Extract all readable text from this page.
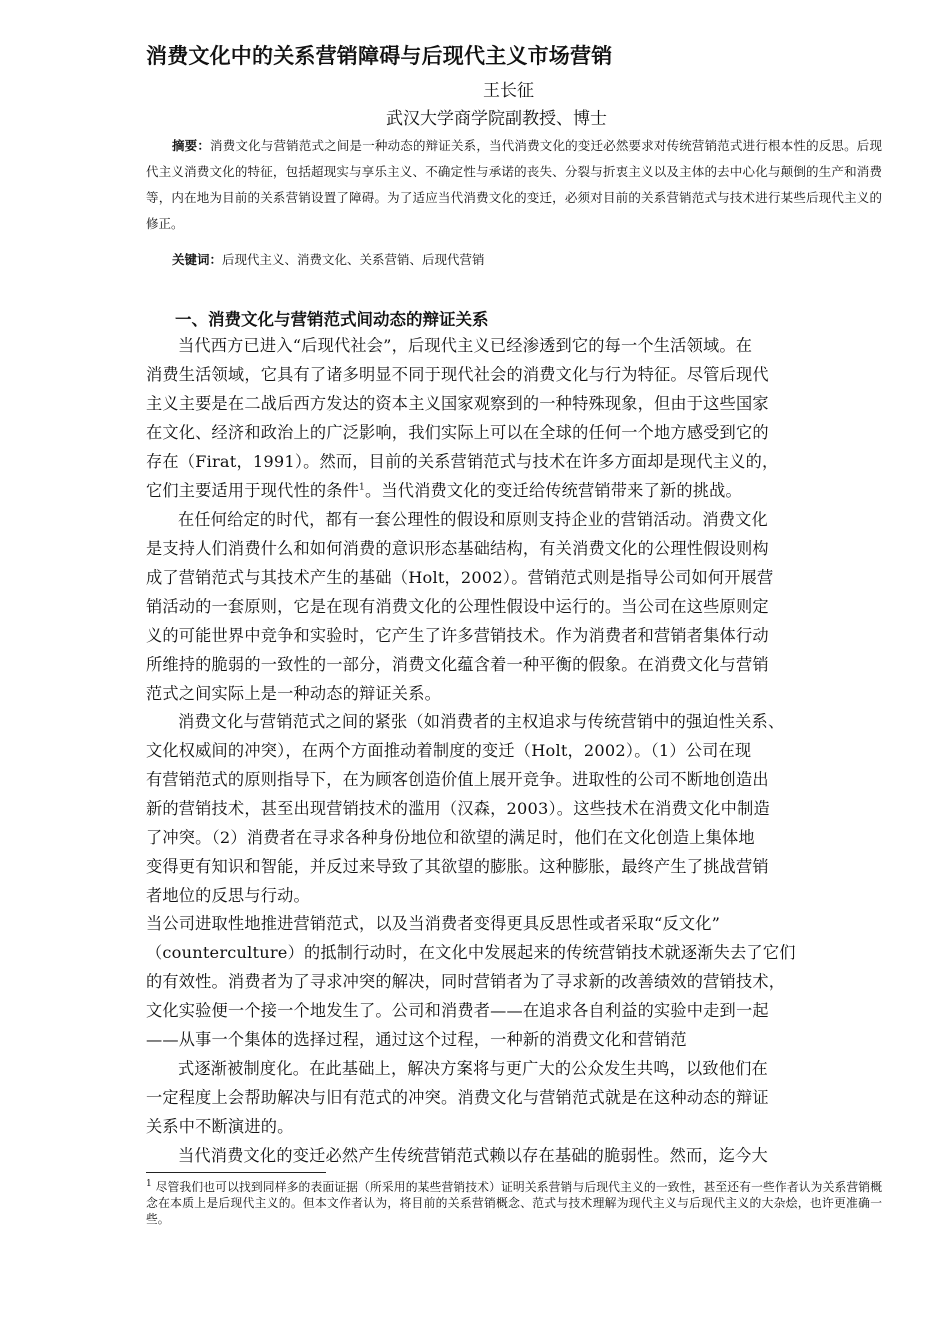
消费文化中的关系营销障碍与后现代主义市场营销
王长征
武汉大学商学院副教授、博士
摘要：消费文化与营销范式之间是一种动态的辩证关系，当代消费文化的变迁必然要求对传统营销范式进行根本性的反思。后现代主义消费文化的特征，包括超现实与享乐主义、不确定性与承诺的丧失、分裂与折衷主义以及主体的去中心化与颠倒的生产和消费等，内在地为目前的关系营销设置了障碍。为了适应当代消费文化的变迁，必须对目前的关系营销范式与技术进行某些后现代主义的修正。
关键词：后现代主义、消费文化、关系营销、后现代营销
一、消费文化与营销范式间动态的辩证关系
当代西方已进入“后现代社会”，后现代主义已经渗透到它的每一个生活领域。在
消费生活领域，它具有了诸多明显不同于现代社会的消费文化与行为特征。尽管后现代
主义主要是在二战后西方发达的资本主义国家观察到的一种特殊现象，但由于这些国家
在文化、经济和政治上的广泛影响，我们实际上可以在全球的任何一个地方感受到它的
存在（Firat，1991）。然而，目前的关系营销范式与技术在许多方面却是现代主义的，
它们主要适用于现代性的条件$^1$。当代消费文化的变迁给传统营销带来了新的挑战。
在任何给定的时代，都有一套公理性的假设和原则支持企业的营销活动。消费文化
是支持人们消费什么和如何消费的意识形态基础结构，有关消费文化的公理性假设则构
成了营销范式与其技术产生的基础（Holt，2002）。营销范式则是指导公司如何开展营
销活动的一套原则，它是在现有消费文化的公理性假设中运行的。当公司在这些原则定
义的可能世界中竞争和实验时，它产生了许多营销技术。作为消费者和营销者集体行动
所维持的脆弱的一致性的一部分，消费文化蕴含着一种平衡的假象。在消费文化与营销
范式之间实际上是一种动态的辩证关系。
消费文化与营销范式之间的紧张（如消费者的主权追求与传统营销中的强迫性关系、
文化权威间的冲突），在两个方面推动着制度的变迁（Holt，2002）。（1）公司在现
有营销范式的原则指导下，在为顾客创造价值上展开竞争。进取性的公司不断地创造出
新的营销技术，甚至出现营销技术的滥用（汉森，2003）。这些技术在消费文化中制造
了冲突。（2）消费者在寻求各种身份地位和欲望的满足时，他们在文化创造上集体地
变得更有知识和智能，并反过来导致了其欲望的膨胀。这种膨胀，最终产生了挑战营销
者地位的反思与行动。
当公司进取性地推进营销范式，以及当消费者变得更具反思性或者采取“反文化”
（counterculture）的抵制行动时，在文化中发展起来的传统营销技术就逐渐失去了它们
的有效性。消费者为了寻求冲突的解决，同时营销者为了寻求新的改善绩效的营销技术，
文化实验便一个接一个地发生了。公司和消费者——在追求各自利益的实验中走到一起
——从事一个集体的选择过程，通过这个过程，一种新的消费文化和营销范
式逐渐被制度化。在此基础上，解决方案将与更广大的公众发生共鸣，以致他们在
一定程度上会帮助解决与旧有范式的冲突。消费文化与营销范式就是在这种动态的辩证
关系中不断演进的。
当代消费文化的变迁必然产生传统营销范式赖以存在基础的脆弱性。然而，迄今大
$^1$ 尽管我们也可以找到同样多的表面证据（所采用的某些营销技术）证明关系营销与后现代主义的一致性，甚至还有一些作者认为关系营销概念在本质上是后现代主义的。但本文作者认为，将目前的关系营销概念、范式与技术理解为现代主义与后现代主义的大杂烩，也许更准确一些。
